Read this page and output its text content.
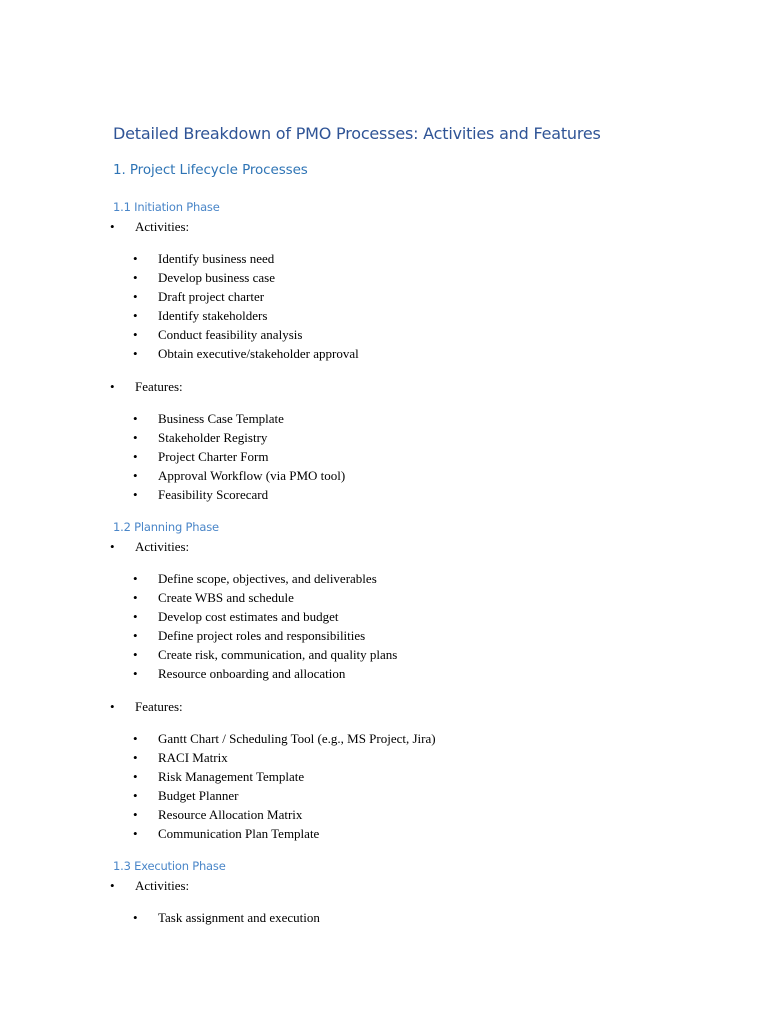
Detailed Breakdown of PMO Processes: Activities and Features
1. Project Lifecycle Processes
1.1 Initiation Phase
• Activities:
• Identify business need
• Develop business case
• Draft project charter
• Identify stakeholders
• Conduct feasibility analysis
• Obtain executive/stakeholder approval
• Features:
• Business Case Template
• Stakeholder Registry
• Project Charter Form
• Approval Workflow (via PMO tool)
• Feasibility Scorecard
1.2 Planning Phase
• Activities:
• Define scope, objectives, and deliverables
• Create WBS and schedule
• Develop cost estimates and budget
• Define project roles and responsibilities
• Create risk, communication, and quality plans
• Resource onboarding and allocation
• Features:
• Gantt Chart / Scheduling Tool (e.g., MS Project, Jira)
• RACI Matrix
• Risk Management Template
• Budget Planner
• Resource Allocation Matrix
• Communication Plan Template
1.3 Execution Phase
• Activities:
• Task assignment and execution
